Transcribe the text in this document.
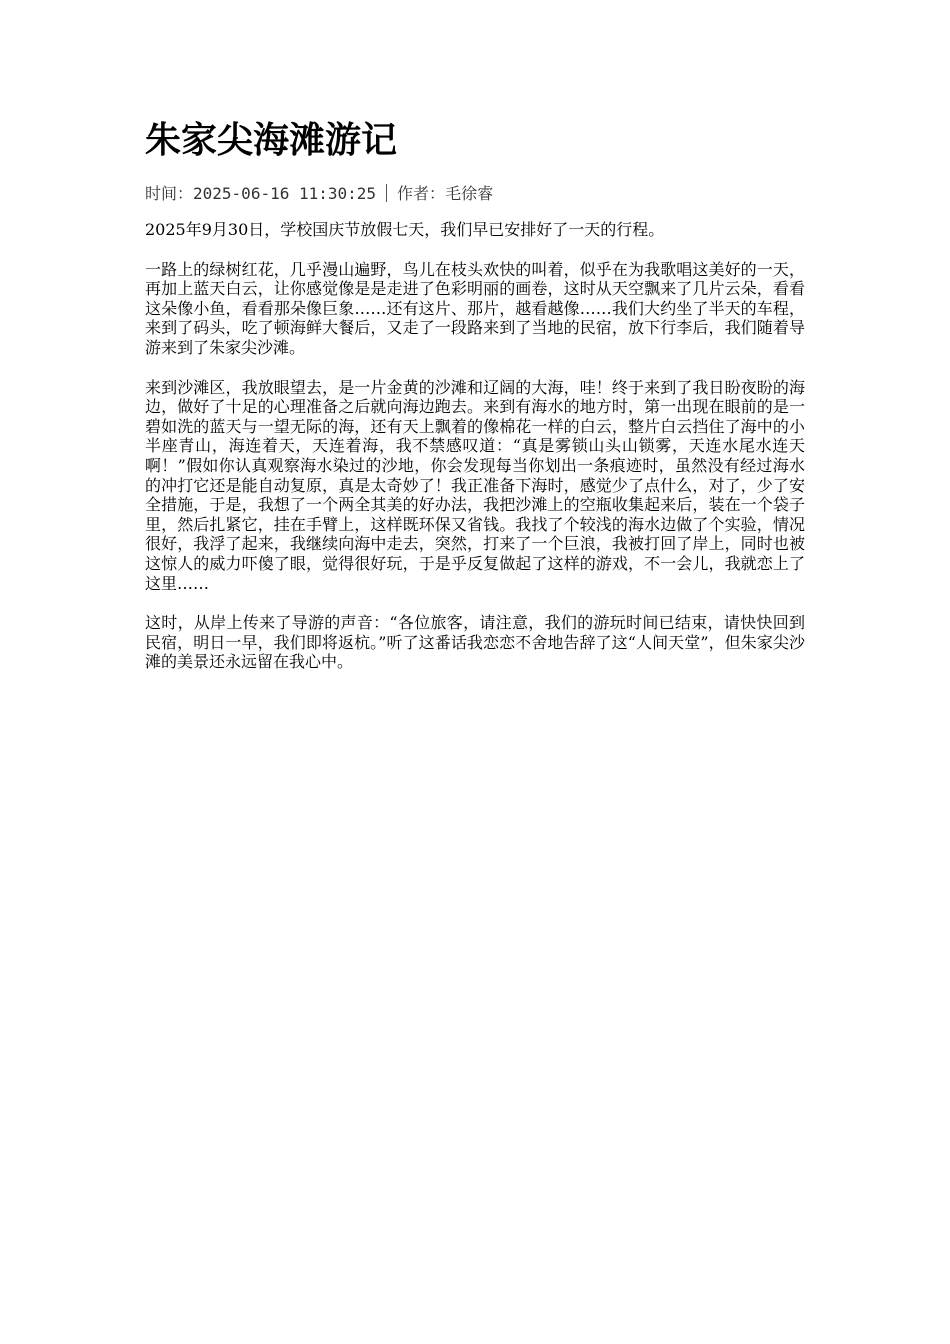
朱家尖海滩游记
时间：2025-06-16 11:30:25 作者：毛徐睿

2025年9月30日，学校国庆节放假七天，我们早已安排好了一天的行程。

一路上的绿树红花，几乎漫山遍野，鸟儿在枝头欢快的叫着，似乎在为我歌唱这美好的一天，再加上蓝天白云，让你感觉像是是走进了色彩明丽的画卷，这时从天空飘来了几片云朵，看看这朵像小鱼，看看那朵像巨象……还有这片、那片，越看越像……我们大约坐了半天的车程，来到了码头，吃了顿海鲜大餐后，又走了一段路来到了当地的民宿，放下行李后，我们随着导游来到了朱家尖沙滩。

来到沙滩区，我放眼望去，是一片金黄的沙滩和辽阔的大海，哇！终于来到了我日盼夜盼的海边，做好了十足的心理准备之后就向海边跑去。来到有海水的地方时，第一出现在眼前的是一碧如洗的蓝天与一望无际的海，还有天上飘着的像棉花一样的白云，整片白云挡住了海中的小半座青山，海连着天，天连着海，我不禁感叹道：“真是雾锁山头山锁雾，天连水尾水连天啊！”假如你认真观察海水染过的沙地，你会发现每当你划出一条痕迹时，虽然没有经过海水的冲打它还是能自动复原，真是太奇妙了！我正准备下海时，感觉少了点什么，对了，少了安全措施，于是，我想了一个两全其美的好办法，我把沙滩上的空瓶收集起来后，装在一个袋子里，然后扎紧它，挂在手臂上，这样既环保又省钱。我找了个较浅的海水边做了个实验，情况很好，我浮了起来，我继续向海中走去，突然，打来了一个巨浪，我被打回了岸上，同时也被这惊人的威力吓傻了眼，觉得很好玩，于是乎反复做起了这样的游戏，不一会儿，我就恋上了这里……

这时，从岸上传来了导游的声音：“各位旅客，请注意，我们的游玩时间已结束，请快快回到民宿，明日一早，我们即将返杭。”听了这番话我恋恋不舍地告辞了这“人间天堂”，但朱家尖沙滩的美景还永远留在我心中。
